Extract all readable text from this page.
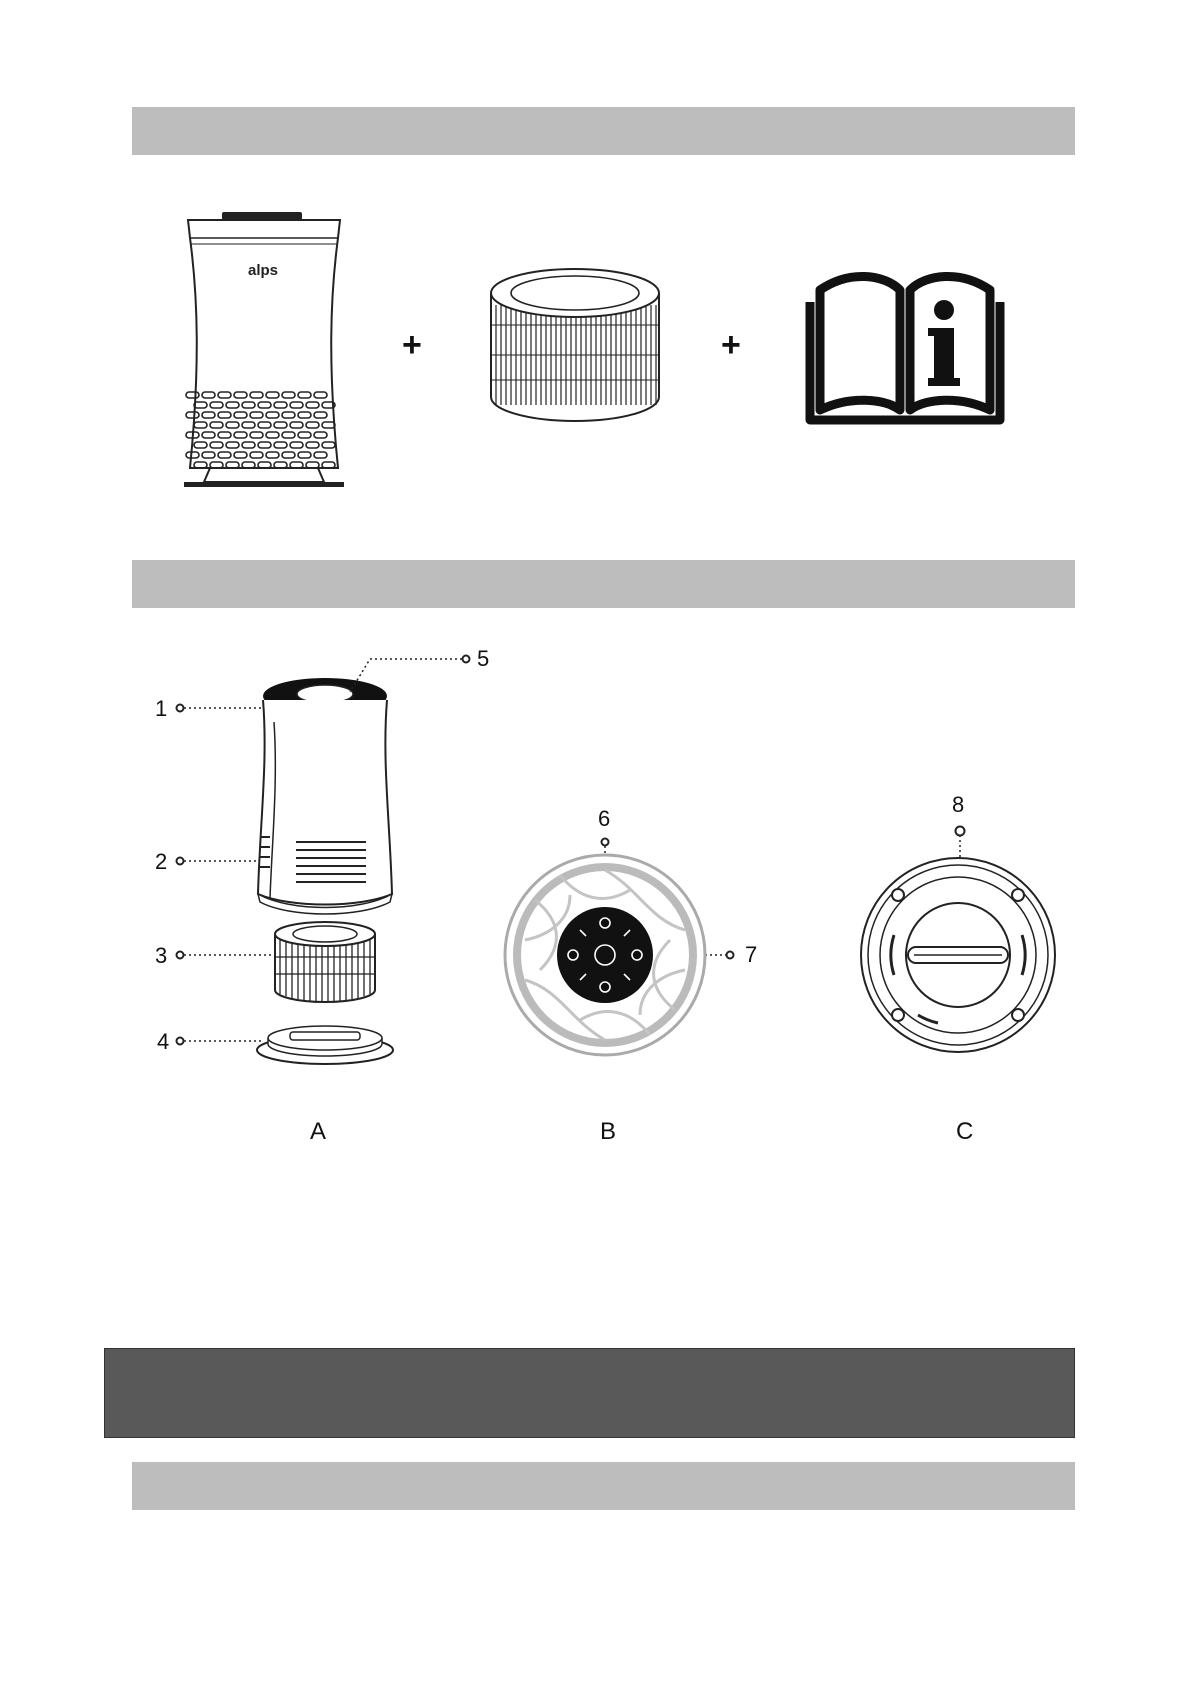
alps
+	+
1
2
3
4
5
6
7
8
A	B	C
